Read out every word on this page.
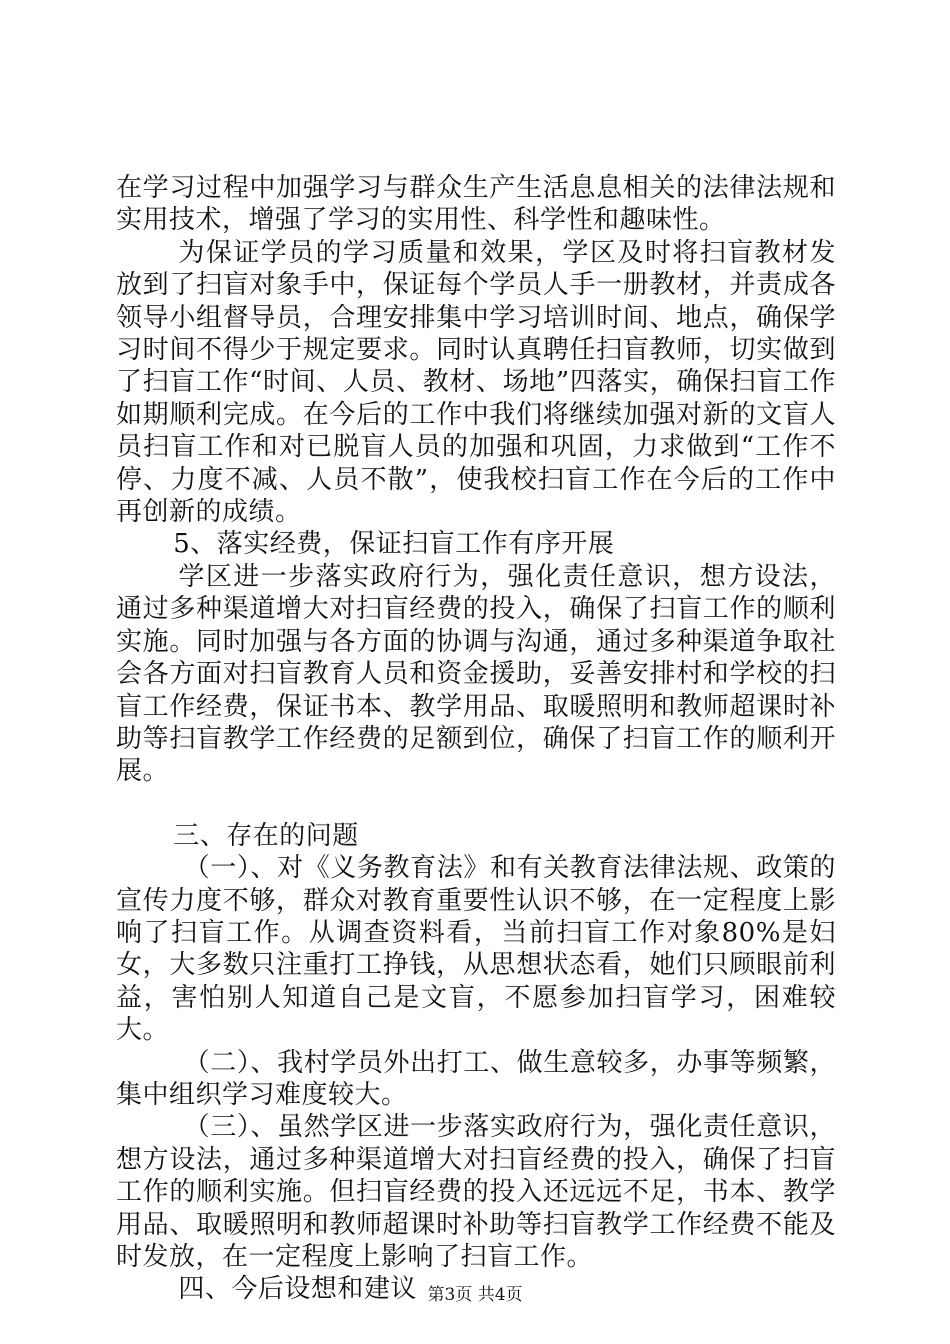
在学习过程中加强学习与群众生产生活息息相关的法律法规和实用技术，增强了学习的实用性、科学性和趣味性。

为保证学员的学习质量和效果，学区及时将扫盲教材发放到了扫盲对象手中，保证每个学员人手一册教材，并责成各领导小组督导员，合理安排集中学习培训时间、地点，确保学习时间不得少于规定要求。同时认真聘任扫盲教师，切实做到了扫盲工作“时间、人员、教材、场地”四落实，确保扫盲工作如期顺利完成。在今后的工作中我们将继续加强对新的文盲人员扫盲工作和对已脱盲人员的加强和巩固，力求做到“工作不停、力度不减、人员不散”，使我校扫盲工作在今后的工作中再创新的成绩。

5、落实经费，保证扫盲工作有序开展

学区进一步落实政府行为，强化责任意识，想方设法，通过多种渠道增大对扫盲经费的投入，确保了扫盲工作的顺利实施。同时加强与各方面的协调与沟通，通过多种渠道争取社会各方面对扫盲教育人员和资金援助，妥善安排村和学校的扫盲工作经费，保证书本、教学用品、取暖照明和教师超课时补助等扫盲教学工作经费的足额到位，确保了扫盲工作的顺利开展。

三、存在的问题

（一）、对《义务教育法》和有关教育法律法规、政策的宣传力度不够，群众对教育重要性认识不够，在一定程度上影响了扫盲工作。从调查资料看，当前扫盲工作对象80%是妇女，大多数只注重打工挣钱，从思想状态看，她们只顾眼前利益，害怕别人知道自己是文盲，不愿参加扫盲学习，困难较大。

（二）、我村学员外出打工、做生意较多，办事等频繁，集中组织学习难度较大。

（三）、虽然学区进一步落实政府行为，强化责任意识，想方设法，通过多种渠道增大对扫盲经费的投入，确保了扫盲工作的顺利实施。但扫盲经费的投入还远远不足，书本、教学用品、取暖照明和教师超课时补助等扫盲教学工作经费不能及时发放，在一定程度上影响了扫盲工作。

四、今后设想和建议 第3页 共4页
